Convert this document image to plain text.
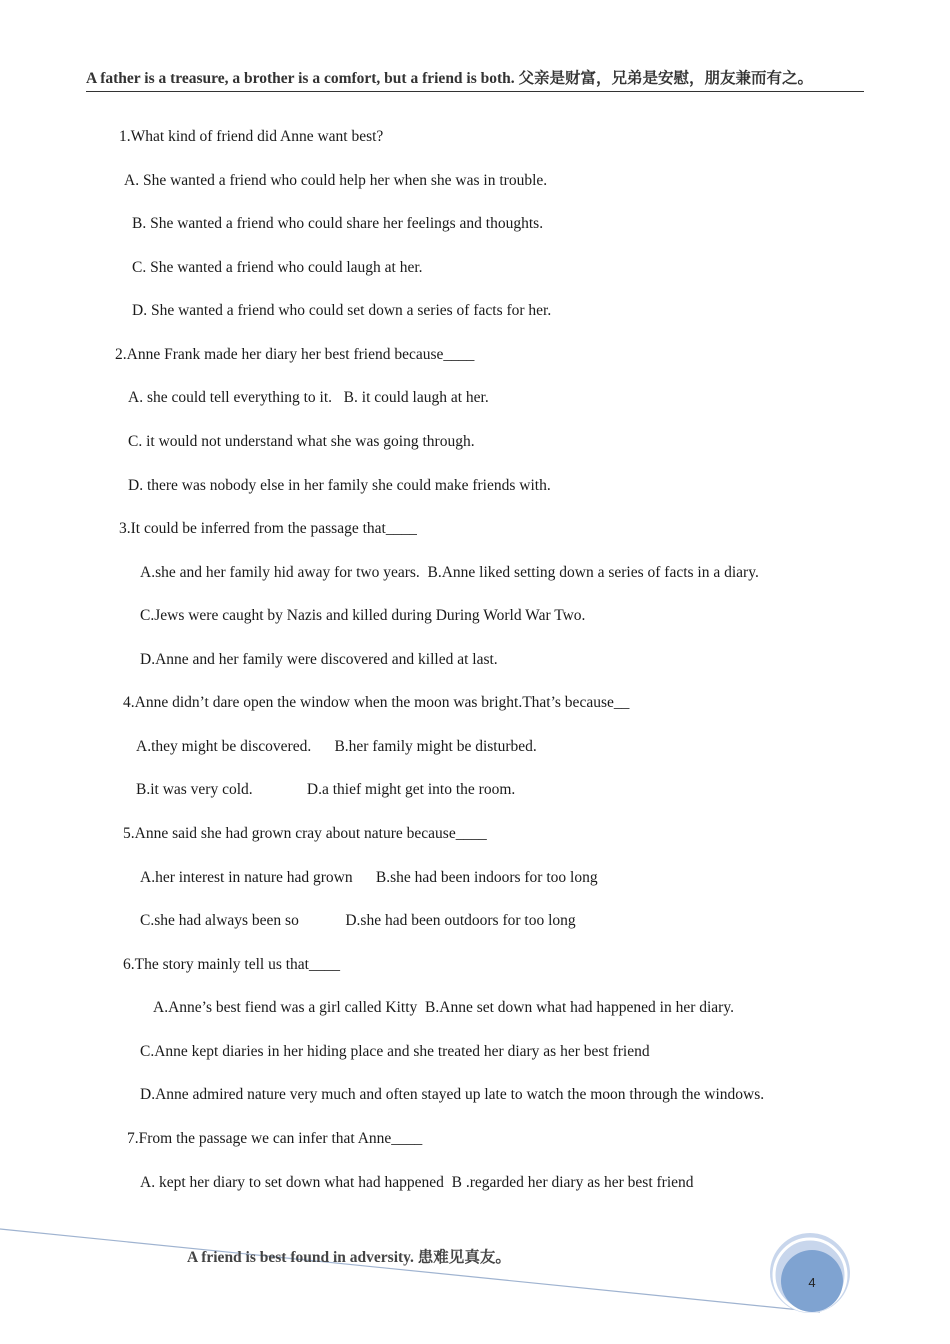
A father is a treasure, a brother is a comfort, but a friend is both. 父亲是财富，兄弟是安慰，朋友兼而有之。
1.What kind of friend did Anne want best?
A. She wanted a friend who could help her when she was in trouble.
B. She wanted a friend who could share her feelings and thoughts.
C. She wanted a friend who could laugh at her.
D. She wanted a friend who could set down a series of facts for her.
2.Anne Frank made her diary her best friend because____
A. she could tell everything to it.   B. it could laugh at her.
C. it would not understand what she was going through.
D. there was nobody else in her family she could make friends with.
3.It could be inferred from the passage that____
A.she and her family hid away for two years.  B.Anne liked setting down a series of facts in a diary.
C.Jews were caught by Nazis and killed during During World War Two.
D.Anne and her family were discovered and killed at last.
4.Anne didn’t dare open the window when the moon was bright.That’s because__
A.they might be discovered.      B.her family might be disturbed.
B.it was very cold.              D.a thief might get into the room.
5.Anne said she had grown cray about nature because____
A.her interest in nature had grown      B.she had been indoors for too long
C.she had always been so            D.she had been outdoors for too long
6.The story mainly tell us that____
A.Anne’s best fiend was a girl called Kitty  B.Anne set down what had happened in her diary.
C.Anne kept diaries in her hiding place and she treated her diary as her best friend
D.Anne admired nature very much and often stayed up late to watch the moon through the windows.
7.From the passage we can infer that Anne____
A. kept her diary to set down what had happened  B .regarded her diary as her best friend
A friend is best found in adversity. 患难见真友。
4
